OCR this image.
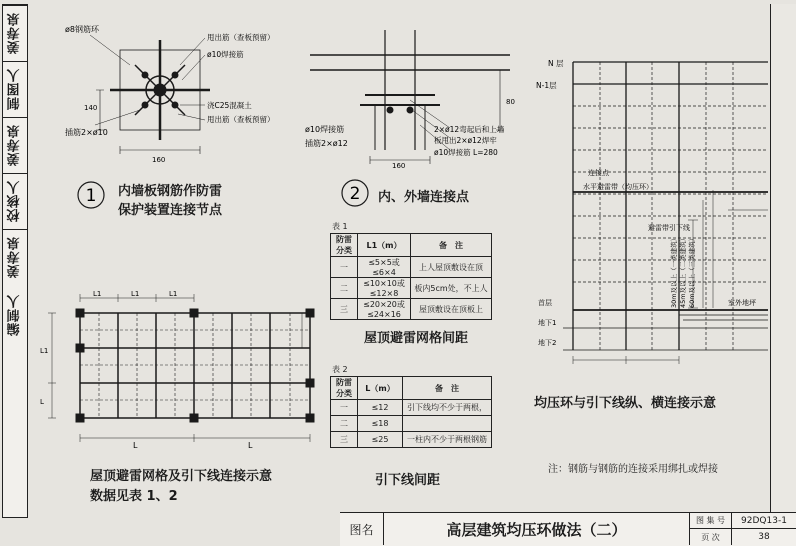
姜寿泉
制图人
姜寿泉
校核人
姜寿泉
编制人
ø8钢筋环
甩出筋（查板预留）
ø10焊接筋
浇C25混凝土
甩出筋（查板预留）
插筋2×ø10
140
160
1 内墙板钢筋作防雷
保护装置连接节点
80
ø10焊接筋
插筋2×ø12
2×ø12弯起后和上墙
板甩出2×ø12焊牢
ø10焊接筋 L=280
160
2 内、外墙连接点
表 1
防雷分类	L1（m）	备　注
一	≤5×5或≤6×4	上人屋顶敷设在顶
二	≤10×10或≤12×8	板内5cm处，不上人
三	≤20×20或≤24×16	屋顶敷设在顶板上
屋顶避雷网格间距
表 2
防雷分类	L（m）	备　注
一	≤12	引下线均不少于两根，
二	≤18	
三	≤25	一柱内不少于两根钢筋
引下线间距
L1	L1	L1
L	L
L1
L
屋顶避雷网格及引下线连接示意
数据见表 1、2
N 层
N-1层
连接点
水平避雷带（均压环）
避雷带引下线
首层
地下1
地下2
室外地坪
30m及以上（一类建筑） 45m及以上（二类建筑） 60m及以上（三类建筑）
均压环与引下线纵、横连接示意
注：钢筋与钢筋的连接采用绑扎或焊接
图名	高层建筑均压环做法（二）	图 集 号	92DQ13-1
页 次	38
